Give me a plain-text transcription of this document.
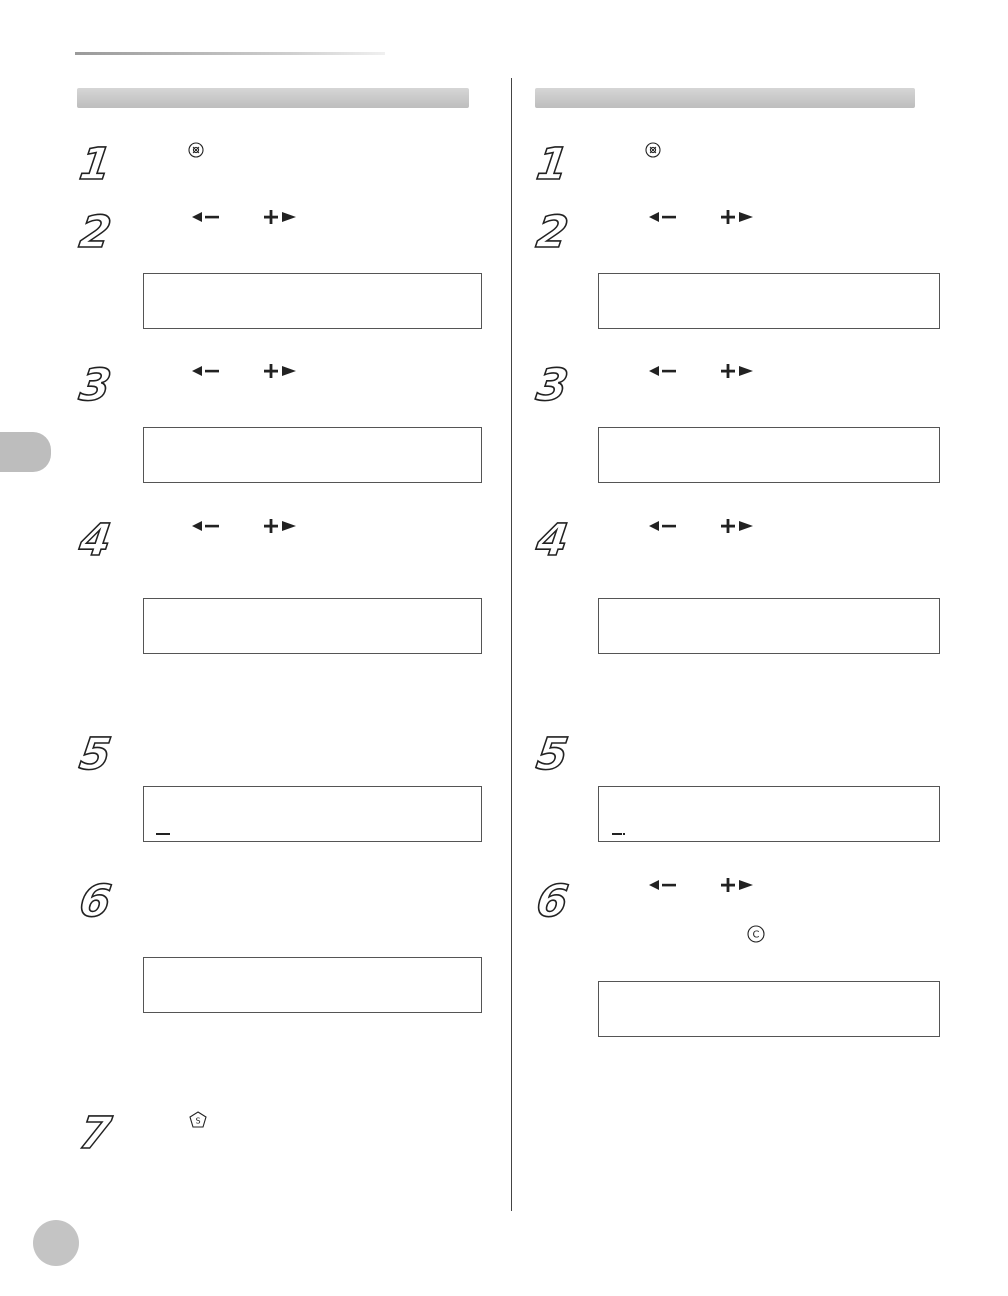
1
2
3
4
5
6
7	S
1
2
3
4
5
6
C
